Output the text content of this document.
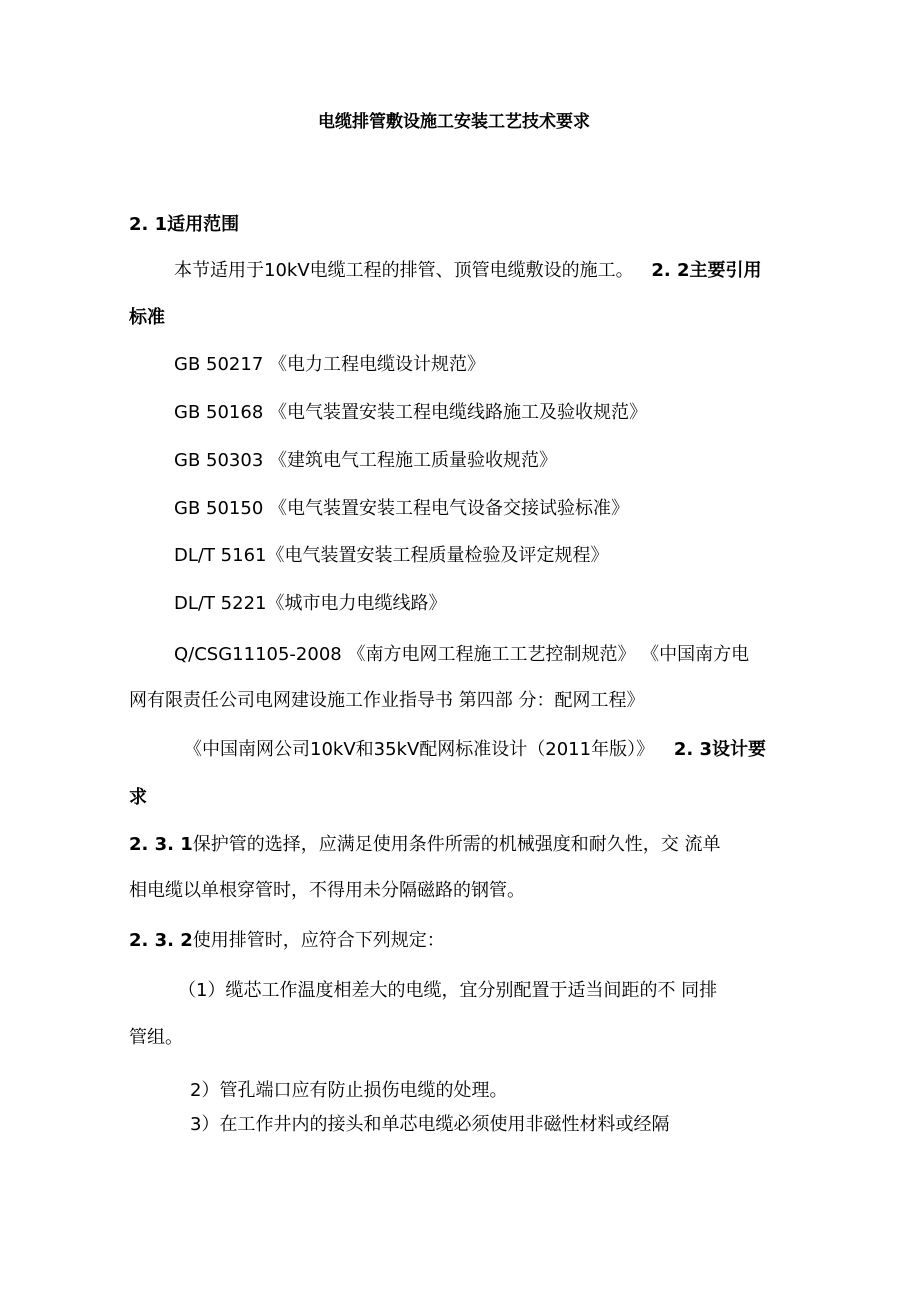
电缆排管敷设施工安装工艺技术要求
2. 1适用范围
本节适用于10kV电缆工程的排管、顶管电缆敷设的施工。 2. 2主要引用
标准
GB 50217 《电力工程电缆设计规范》
GB 50168 《电气装置安装工程电缆线路施工及验收规范》
GB 50303 《建筑电气工程施工质量验收规范》
GB 50150 《电气装置安装工程电气设备交接试验标准》
DL/T 5161《电气装置安装工程质量检验及评定规程》
DL/T 5221《城市电力电缆线路》
Q/CSG11105-2008 《南方电网工程施工工艺控制规范》 《中国南方电
网有限责任公司电网建设施工作业指导书 第四部 分：配网工程》
《中国南网公司10kV和35kV配网标准设计（2011年版）》 2. 3设计要
求
2. 3. 1保护管的选择，应满足使用条件所需的机械强度和耐久性，交 流单
相电缆以单根穿管时，不得用未分隔磁路的钢管。
2. 3. 2使用排管时，应符合下列规定：
（1）缆芯工作温度相差大的电缆，宜分别配置于适当间距的不 同排
管组。
2）管孔端口应有防止损伤电缆的处理。
3）在工作井内的接头和单芯电缆必须使用非磁性材料或经隔
